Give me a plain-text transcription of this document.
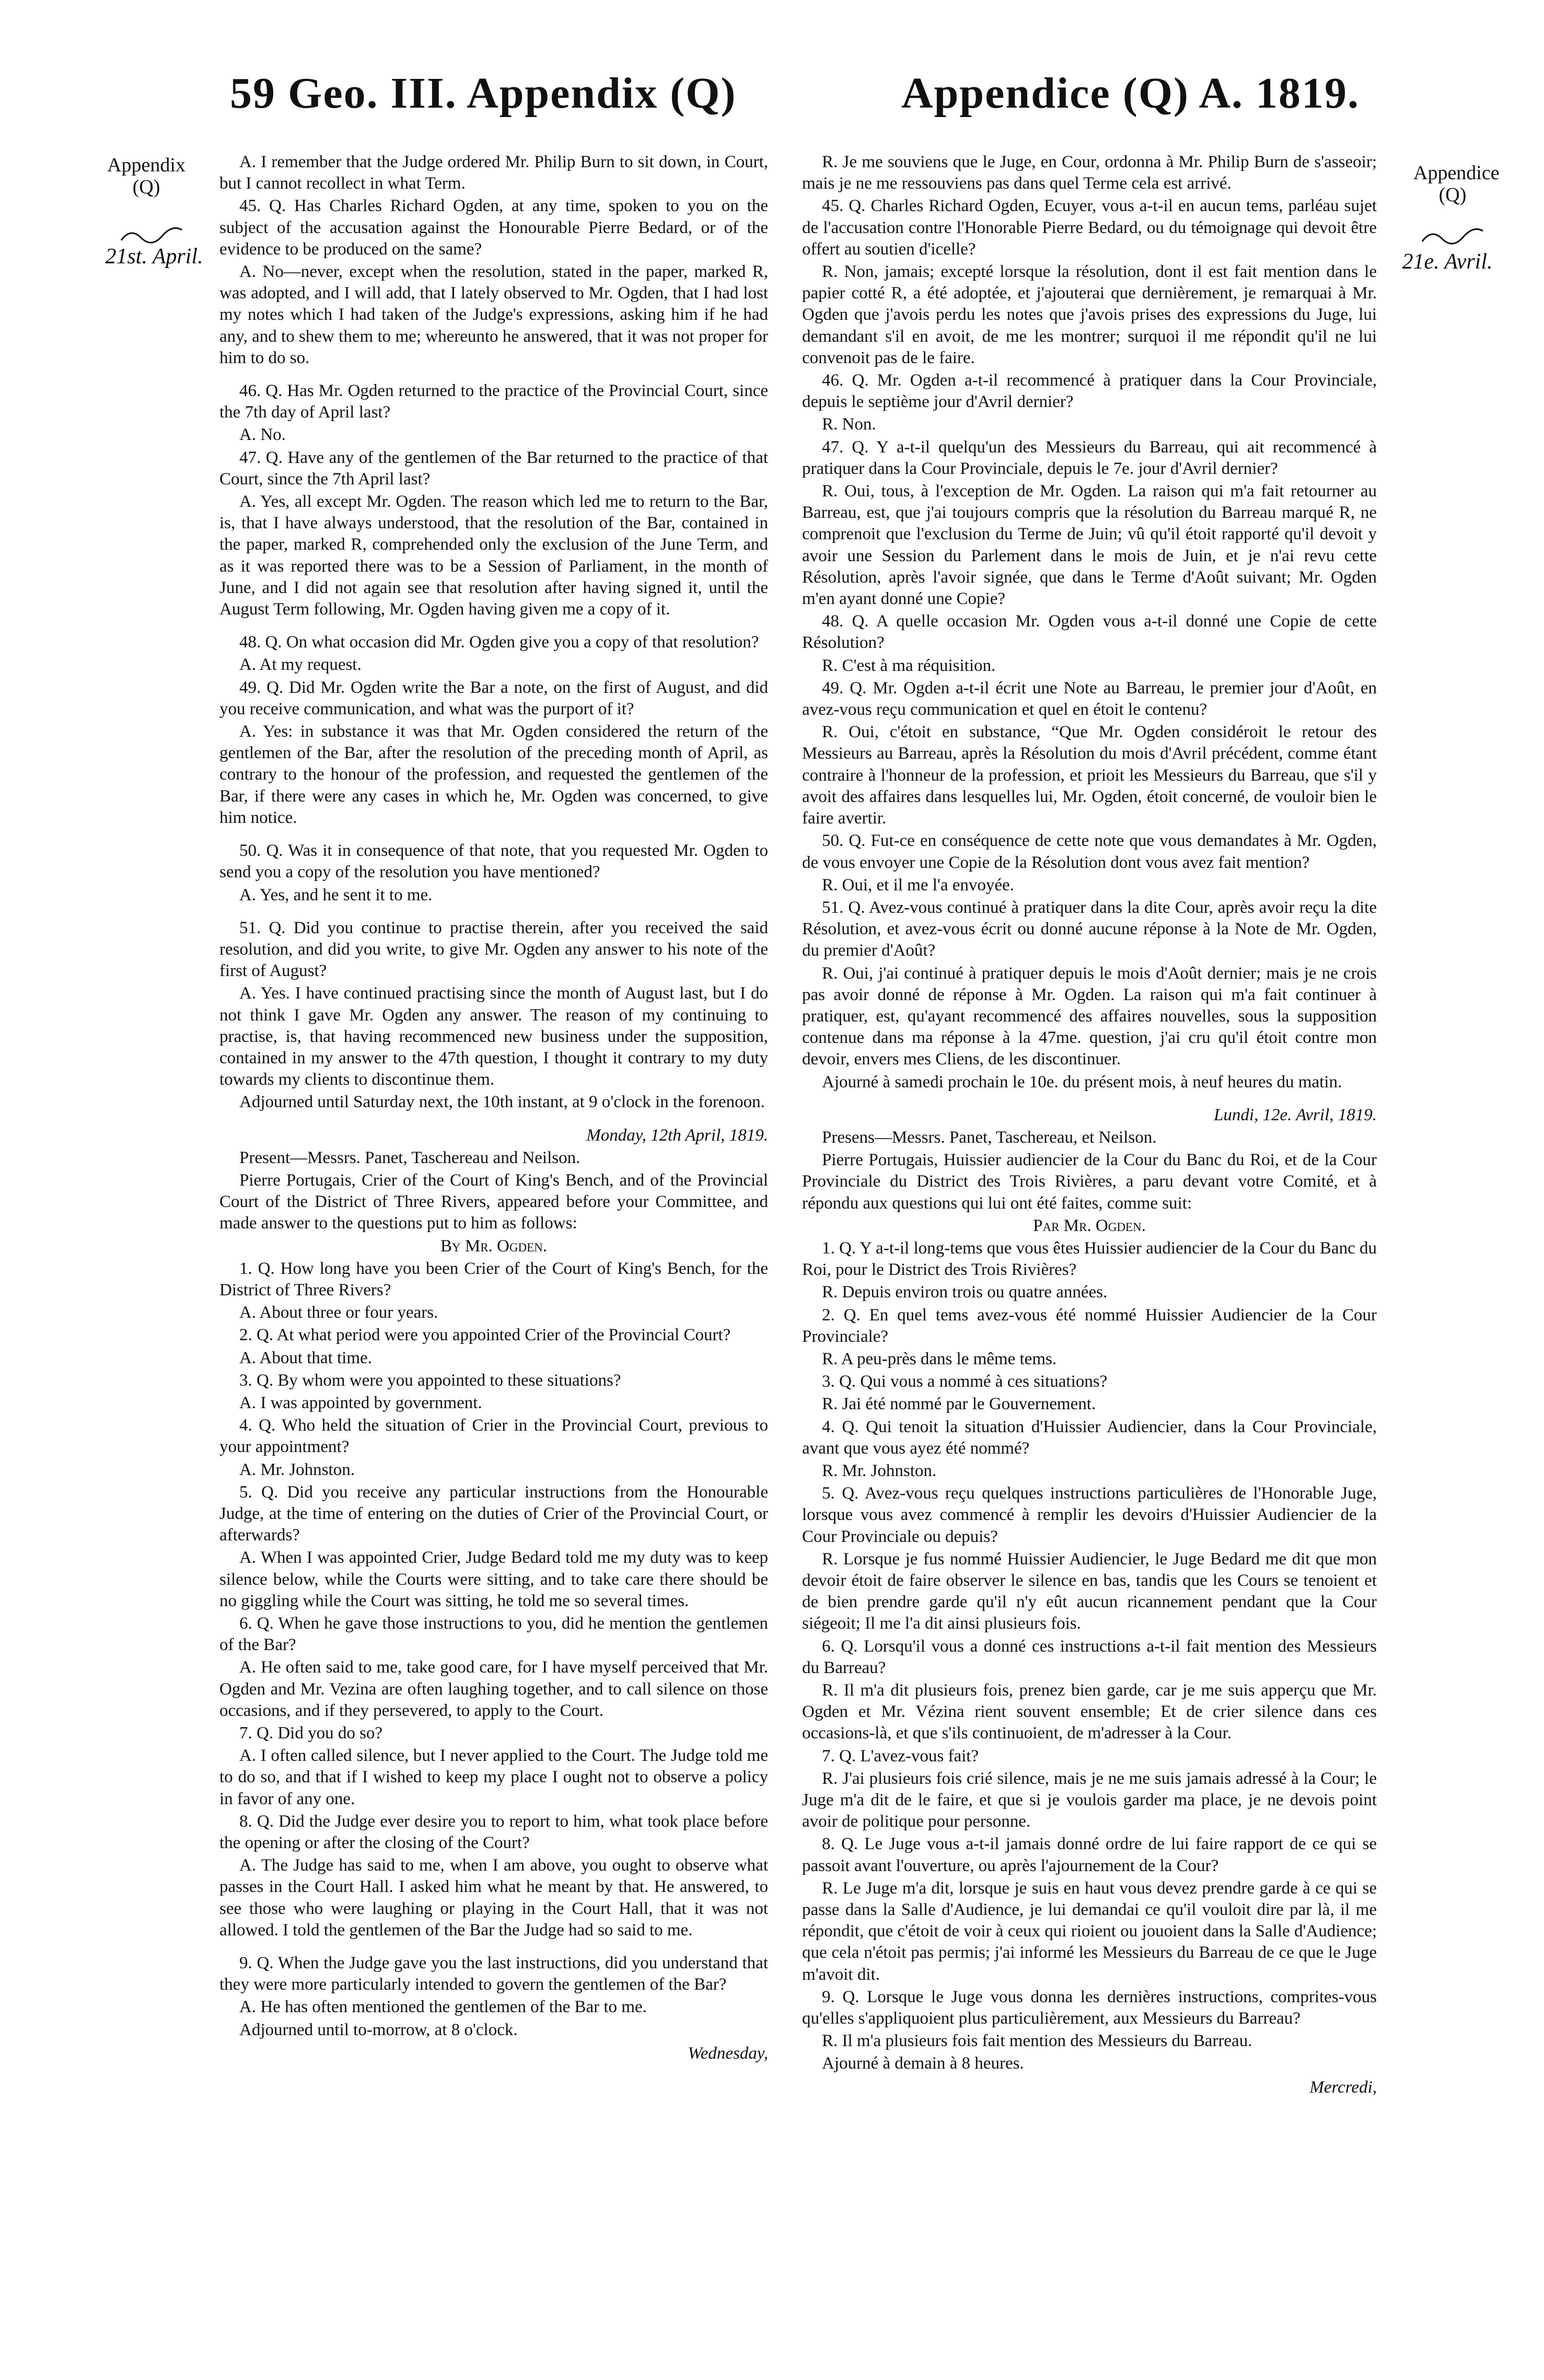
59 Geo. III. Appendix (Q)	Appendice (Q) A. 1819.
Appendix (Q)
21st. April.
Appendice (Q)
21e. Avril.

A. I remember that the Judge ordered Mr. Philip Burn to sit down, in Court, but I cannot recollect in what Term.

45. Q. Has Charles Richard Ogden, at any time, spoken to you on the subject of the accusation against the Honourable Pierre Bedard, or of the evidence to be produced on the same?

A. No—never, except when the resolution, stated in the paper, marked R, was adopted, and I will add, that I lately observed to Mr. Ogden, that I had lost my notes which I had taken of the Judge's expressions, asking him if he had any, and to shew them to me; whereunto he answered, that it was not proper for him to do so.

46. Q. Has Mr. Ogden returned to the practice of the Provincial Court, since the 7th day of April last?

A. No.

47. Q. Have any of the gentlemen of the Bar returned to the practice of that Court, since the 7th April last?

A. Yes, all except Mr. Ogden. The reason which led me to return to the Bar, is, that I have always understood, that the resolution of the Bar, contained in the paper, marked R, comprehended only the exclusion of the June Term, and as it was reported there was to be a Session of Parliament, in the month of June, and I did not again see that resolution after having signed it, until the August Term following, Mr. Ogden having given me a copy of it.

48. Q. On what occasion did Mr. Ogden give you a copy of that resolution?

A. At my request.

49. Q. Did Mr. Ogden write the Bar a note, on the first of August, and did you receive communication, and what was the purport of it?

A. Yes: in substance it was that Mr. Ogden considered the return of the gentlemen of the Bar, after the resolution of the preceding month of April, as contrary to the honour of the profession, and requested the gentlemen of the Bar, if there were any cases in which he, Mr. Ogden was concerned, to give him notice.

50. Q. Was it in consequence of that note, that you requested Mr. Ogden to send you a copy of the resolution you have mentioned?

A. Yes, and he sent it to me.

51. Q. Did you continue to practise therein, after you received the said resolution, and did you write, to give Mr. Ogden any answer to his note of the first of August?

A. Yes. I have continued practising since the month of August last, but I do not think I gave Mr. Ogden any answer. The reason of my continuing to practise, is, that having recommenced new business under the supposition, contained in my answer to the 47th question, I thought it contrary to my duty towards my clients to discontinue them.

Adjourned until Saturday next, the 10th instant, at 9 o'clock in the forenoon.

Monday, 12th April, 1819.

Present—Messrs. Panet, Taschereau and Neilson.

Pierre Portugais, Crier of the Court of King's Bench, and of the Provincial Court of the District of Three Rivers, appeared before your Committee, and made answer to the questions put to him as follows:

By Mr. Ogden.

1. Q. How long have you been Crier of the Court of King's Bench, for the District of Three Rivers?

A. About three or four years.

2. Q. At what period were you appointed Crier of the Provincial Court?

A. About that time.

3. Q. By whom were you appointed to these situations?

A. I was appointed by government.

4. Q. Who held the situation of Crier in the Provincial Court, previous to your appointment?

A. Mr. Johnston.

5. Q. Did you receive any particular instructions from the Honourable Judge, at the time of entering on the duties of Crier of the Provincial Court, or afterwards?

A. When I was appointed Crier, Judge Bedard told me my duty was to keep silence below, while the Courts were sitting, and to take care there should be no giggling while the Court was sitting, he told me so several times.

6. Q. When he gave those instructions to you, did he mention the gentlemen of the Bar?

A. He often said to me, take good care, for I have myself perceived that Mr. Ogden and Mr. Vezina are often laughing together, and to call silence on those occasions, and if they persevered, to apply to the Court.

7. Q. Did you do so?

A. I often called silence, but I never applied to the Court. The Judge told me to do so, and that if I wished to keep my place I ought not to observe a policy in favor of any one.

8. Q. Did the Judge ever desire you to report to him, what took place before the opening or after the closing of the Court?

A. The Judge has said to me, when I am above, you ought to observe what passes in the Court Hall. I asked him what he meant by that. He answered, to see those who were laughing or playing in the Court Hall, that it was not allowed. I told the gentlemen of the Bar the Judge had so said to me.

9. Q. When the Judge gave you the last instructions, did you understand that they were more particularly intended to govern the gentlemen of the Bar?

A. He has often mentioned the gentlemen of the Bar to me.

Adjourned until to-morrow, at 8 o'clock.

Wednesday,

R. Je me souviens que le Juge, en Cour, ordonna à Mr. Philip Burn de s'asseoir; mais je ne me ressouviens pas dans quel Terme cela est arrivé.

45. Q. Charles Richard Ogden, Ecuyer, vous a-t-il en aucun tems, parléau sujet de l'accusation contre l'Honorable Pierre Bedard, ou du témoignage qui devoit être offert au soutien d'icelle?

R. Non, jamais; excepté lorsque la résolution, dont il est fait mention dans le papier cotté R, a été adoptée, et j'ajouterai que dernièrement, je remarquai à Mr. Ogden que j'avois perdu les notes que j'avois prises des expressions du Juge, lui demandant s'il en avoit, de me les montrer; surquoi il me répondit qu'il ne lui convenoit pas de le faire.

46. Q. Mr. Ogden a-t-il recommencé à pratiquer dans la Cour Provinciale, depuis le septième jour d'Avril dernier?

R. Non.

47. Q. Y a-t-il quelqu'un des Messieurs du Barreau, qui ait recommencé à pratiquer dans la Cour Provinciale, depuis le 7e. jour d'Avril dernier?

R. Oui, tous, à l'exception de Mr. Ogden. La raison qui m'a fait retourner au Barreau, est, que j'ai toujours compris que la résolution du Barreau marqué R, ne comprenoit que l'exclusion du Terme de Juin; vû qu'il étoit rapporté qu'il devoit y avoir une Session du Parlement dans le mois de Juin, et je n'ai revu cette Résolution, après l'avoir signée, que dans le Terme d'Août suivant; Mr. Ogden m'en ayant donné une Copie?

48. Q. A quelle occasion Mr. Ogden vous a-t-il donné une Copie de cette Résolution?

R. C'est à ma réquisition.

49. Q. Mr. Ogden a-t-il écrit une Note au Barreau, le premier jour d'Août, en avez-vous reçu communication et quel en étoit le contenu?

R. Oui, c'étoit en substance, “Que Mr. Ogden considéroit le retour des Messieurs au Barreau, après la Résolution du mois d'Avril précédent, comme étant contraire à l'honneur de la profession, et prioit les Messieurs du Barreau, que s'il y avoit des affaires dans lesquelles lui, Mr. Ogden, étoit concerné, de vouloir bien le faire avertir.

50. Q. Fut-ce en conséquence de cette note que vous demandates à Mr. Ogden, de vous envoyer une Copie de la Résolution dont vous avez fait mention?

R. Oui, et il me l'a envoyée.

51. Q. Avez-vous continué à pratiquer dans la dite Cour, après avoir reçu la dite Résolution, et avez-vous écrit ou donné aucune réponse à la Note de Mr. Ogden, du premier d'Août?

R. Oui, j'ai continué à pratiquer depuis le mois d'Août dernier; mais je ne crois pas avoir donné de réponse à Mr. Ogden. La raison qui m'a fait continuer à pratiquer, est, qu'ayant recommencé des affaires nouvelles, sous la supposition contenue dans ma réponse à la 47me. question, j'ai cru qu'il étoit contre mon devoir, envers mes Cliens, de les discontinuer.

Ajourné à samedi prochain le 10e. du présent mois, à neuf heures du matin.

Lundi, 12e. Avril, 1819.

Presens—Messrs. Panet, Taschereau, et Neilson.

Pierre Portugais, Huissier audiencier de la Cour du Banc du Roi, et de la Cour Provinciale du District des Trois Rivières, a paru devant votre Comité, et à répondu aux questions qui lui ont été faites, comme suit:

Par Mr. Ogden.

1. Q. Y a-t-il long-tems que vous êtes Huissier audiencier de la Cour du Banc du Roi, pour le District des Trois Rivières?

R. Depuis environ trois ou quatre années.

2. Q. En quel tems avez-vous été nommé Huissier Audiencier de la Cour Provinciale?

R. A peu-près dans le même tems.

3. Q. Qui vous a nommé à ces situations?

R. Jai été nommé par le Gouvernement.

4. Q. Qui tenoit la situation d'Huissier Audiencier, dans la Cour Provinciale, avant que vous ayez été nommé?

R. Mr. Johnston.

5. Q. Avez-vous reçu quelques instructions particulières de l'Honorable Juge, lorsque vous avez commencé à remplir les devoirs d'Huissier Audiencier de la Cour Provinciale ou depuis?

R. Lorsque je fus nommé Huissier Audiencier, le Juge Bedard me dit que mon devoir étoit de faire observer le silence en bas, tandis que les Cours se tenoient et de bien prendre garde qu'il n'y eût aucun ricannement pendant que la Cour siégeoit; Il me l'a dit ainsi plusieurs fois.

6. Q. Lorsqu'il vous a donné ces instructions a-t-il fait mention des Messieurs du Barreau?

R. Il m'a dit plusieurs fois, prenez bien garde, car je me suis apperçu que Mr. Ogden et Mr. Vézina rient souvent ensemble; Et de crier silence dans ces occasions-là, et que s'ils continuoient, de m'adresser à la Cour.

7. Q. L'avez-vous fait?

R. J'ai plusieurs fois crié silence, mais je ne me suis jamais adressé à la Cour; le Juge m'a dit de le faire, et que si je voulois garder ma place, je ne devois point avoir de politique pour personne.

8. Q. Le Juge vous a-t-il jamais donné ordre de lui faire rapport de ce qui se passoit avant l'ouverture, ou après l'ajournement de la Cour?

R. Le Juge m'a dit, lorsque je suis en haut vous devez prendre garde à ce qui se passe dans la Salle d'Audience, je lui demandai ce qu'il vouloit dire par là, il me répondit, que c'étoit de voir à ceux qui rioient ou jouoient dans la Salle d'Audience; que cela n'étoit pas permis; j'ai informé les Messieurs du Barreau de ce que le Juge m'avoit dit.

9. Q. Lorsque le Juge vous donna les dernières instructions, comprites-vous qu'elles s'appliquoient plus particulièrement, aux Messieurs du Barreau?

R. Il m'a plusieurs fois fait mention des Messieurs du Barreau.

Ajourné à demain à 8 heures.

Mercredi,
